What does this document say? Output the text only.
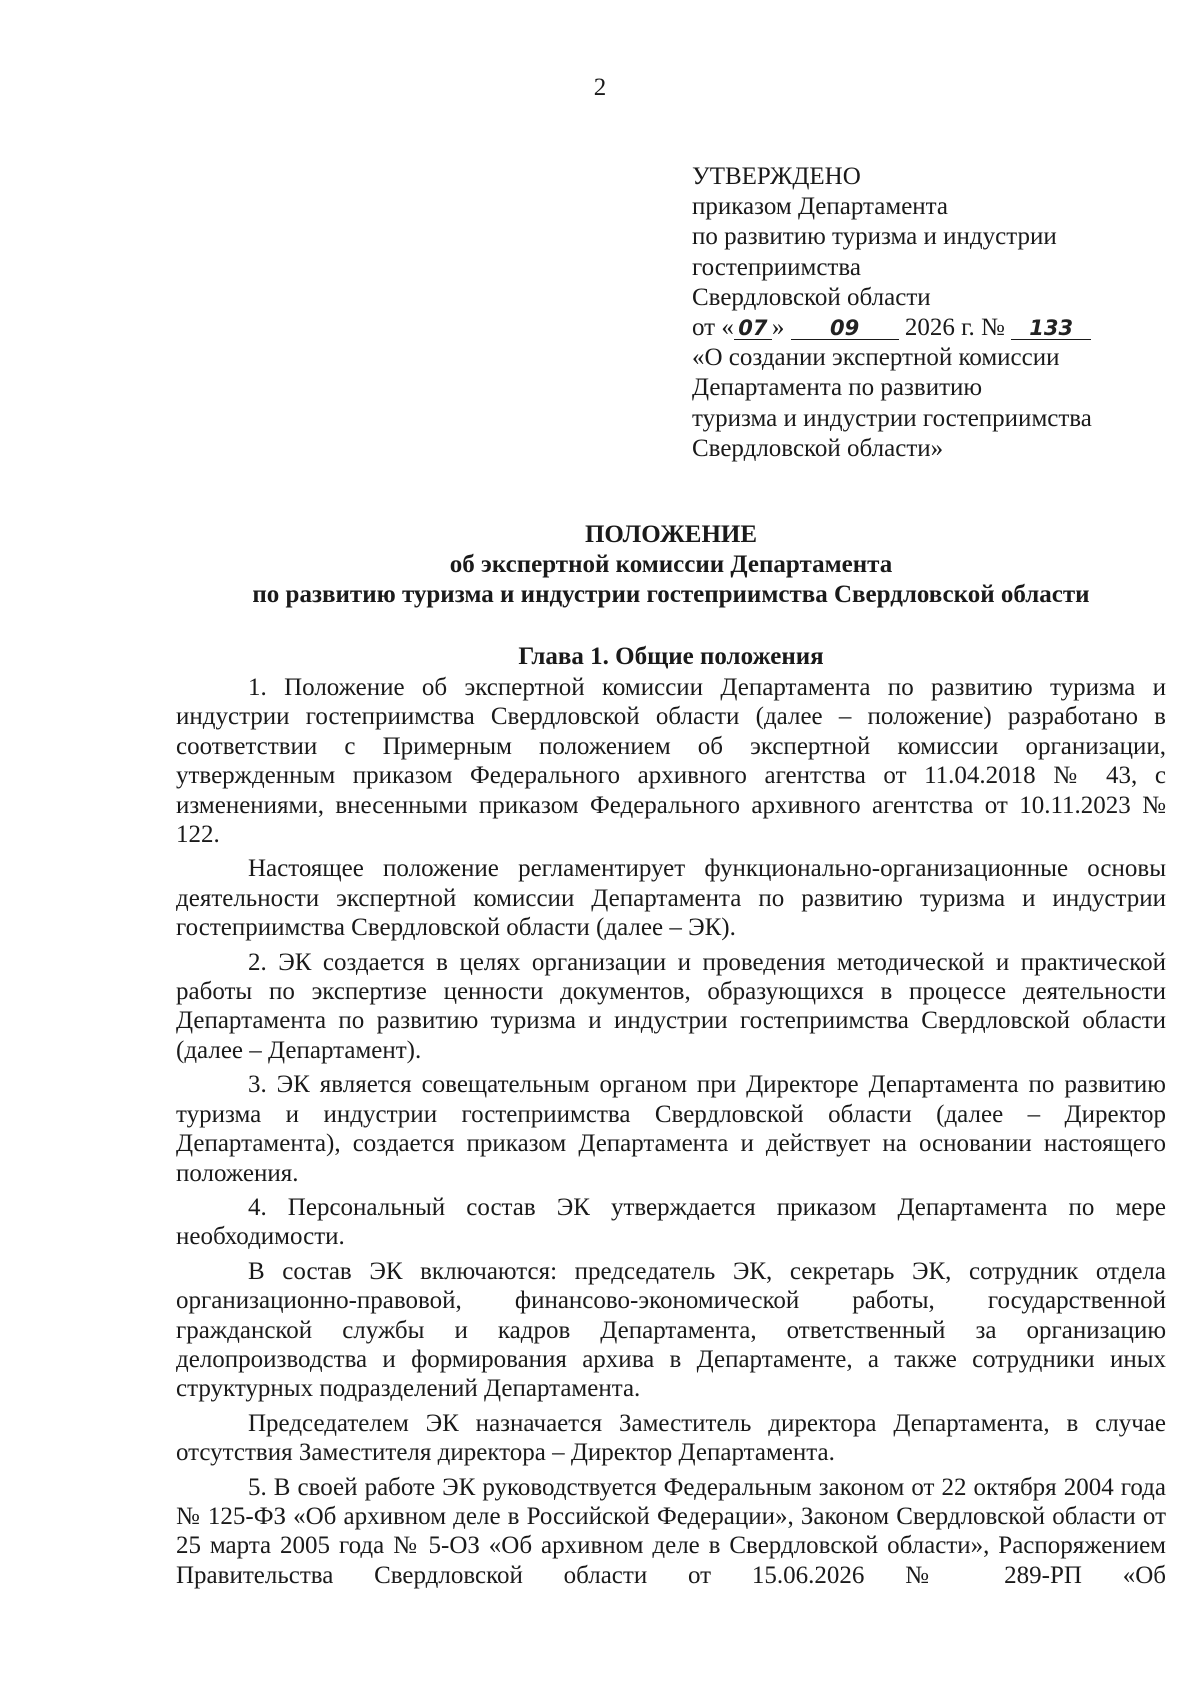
2
УТВЕРЖДЕНО
приказом Департамента
по развитию туризма и индустрии
гостеприимства
Свердловской области
от « 07 » 09 2026 г. № 133
«О создании экспертной комиссии
Департамента по развитию
туризма и индустрии гостеприимства
Свердловской области»
ПОЛОЖЕНИЕ
об экспертной комиссии Департамента
по развитию туризма и индустрии гостеприимства Свердловской области
Глава 1. Общие положения

1. Положение об экспертной комиссии Департамента по развитию туризма и индустрии гостеприимства Свердловской области (далее – положение) разработано в соответствии с Примерным положением об экспертной комиссии организации, утвержденным приказом Федерального архивного агентства от 11.04.2018 № 43, с изменениями, внесенными приказом Федерального архивного агентства от 10.11.2023 № 122.

Настоящее положение регламентирует функционально-организационные основы деятельности экспертной комиссии Департамента по развитию туризма и индустрии гостеприимства Свердловской области (далее – ЭК).

2. ЭК создается в целях организации и проведения методической и практической работы по экспертизе ценности документов, образующихся в процессе деятельности Департамента по развитию туризма и индустрии гостеприимства Свердловской области (далее – Департамент).

3. ЭК является совещательным органом при Директоре Департамента по развитию туризма и индустрии гостеприимства Свердловской области (далее – Директор Департамента), создается приказом Департамента и действует на основании настоящего положения.

4. Персональный состав ЭК утверждается приказом Департамента по мере необходимости.

В состав ЭК включаются: председатель ЭК, секретарь ЭК, сотрудник отдела организационно-правовой, финансово-экономической работы, государственной гражданской службы и кадров Департамента, ответственный за организацию делопроизводства и формирования архива в Департаменте, а также сотрудники иных структурных подразделений Департамента.

Председателем ЭК назначается Заместитель директора Департамента, в случае отсутствия Заместителя директора – Директор Департамента.

5. В своей работе ЭК руководствуется Федеральным законом от 22 октября 2004 года № 125-ФЗ «Об архивном деле в Российской Федерации», Законом Свердловской области от 25 марта 2005 года № 5-ОЗ «Об архивном деле в Свердловской области», Распоряжением Правительства Свердловской области от 15.06.2026 № 289-РП «Об
